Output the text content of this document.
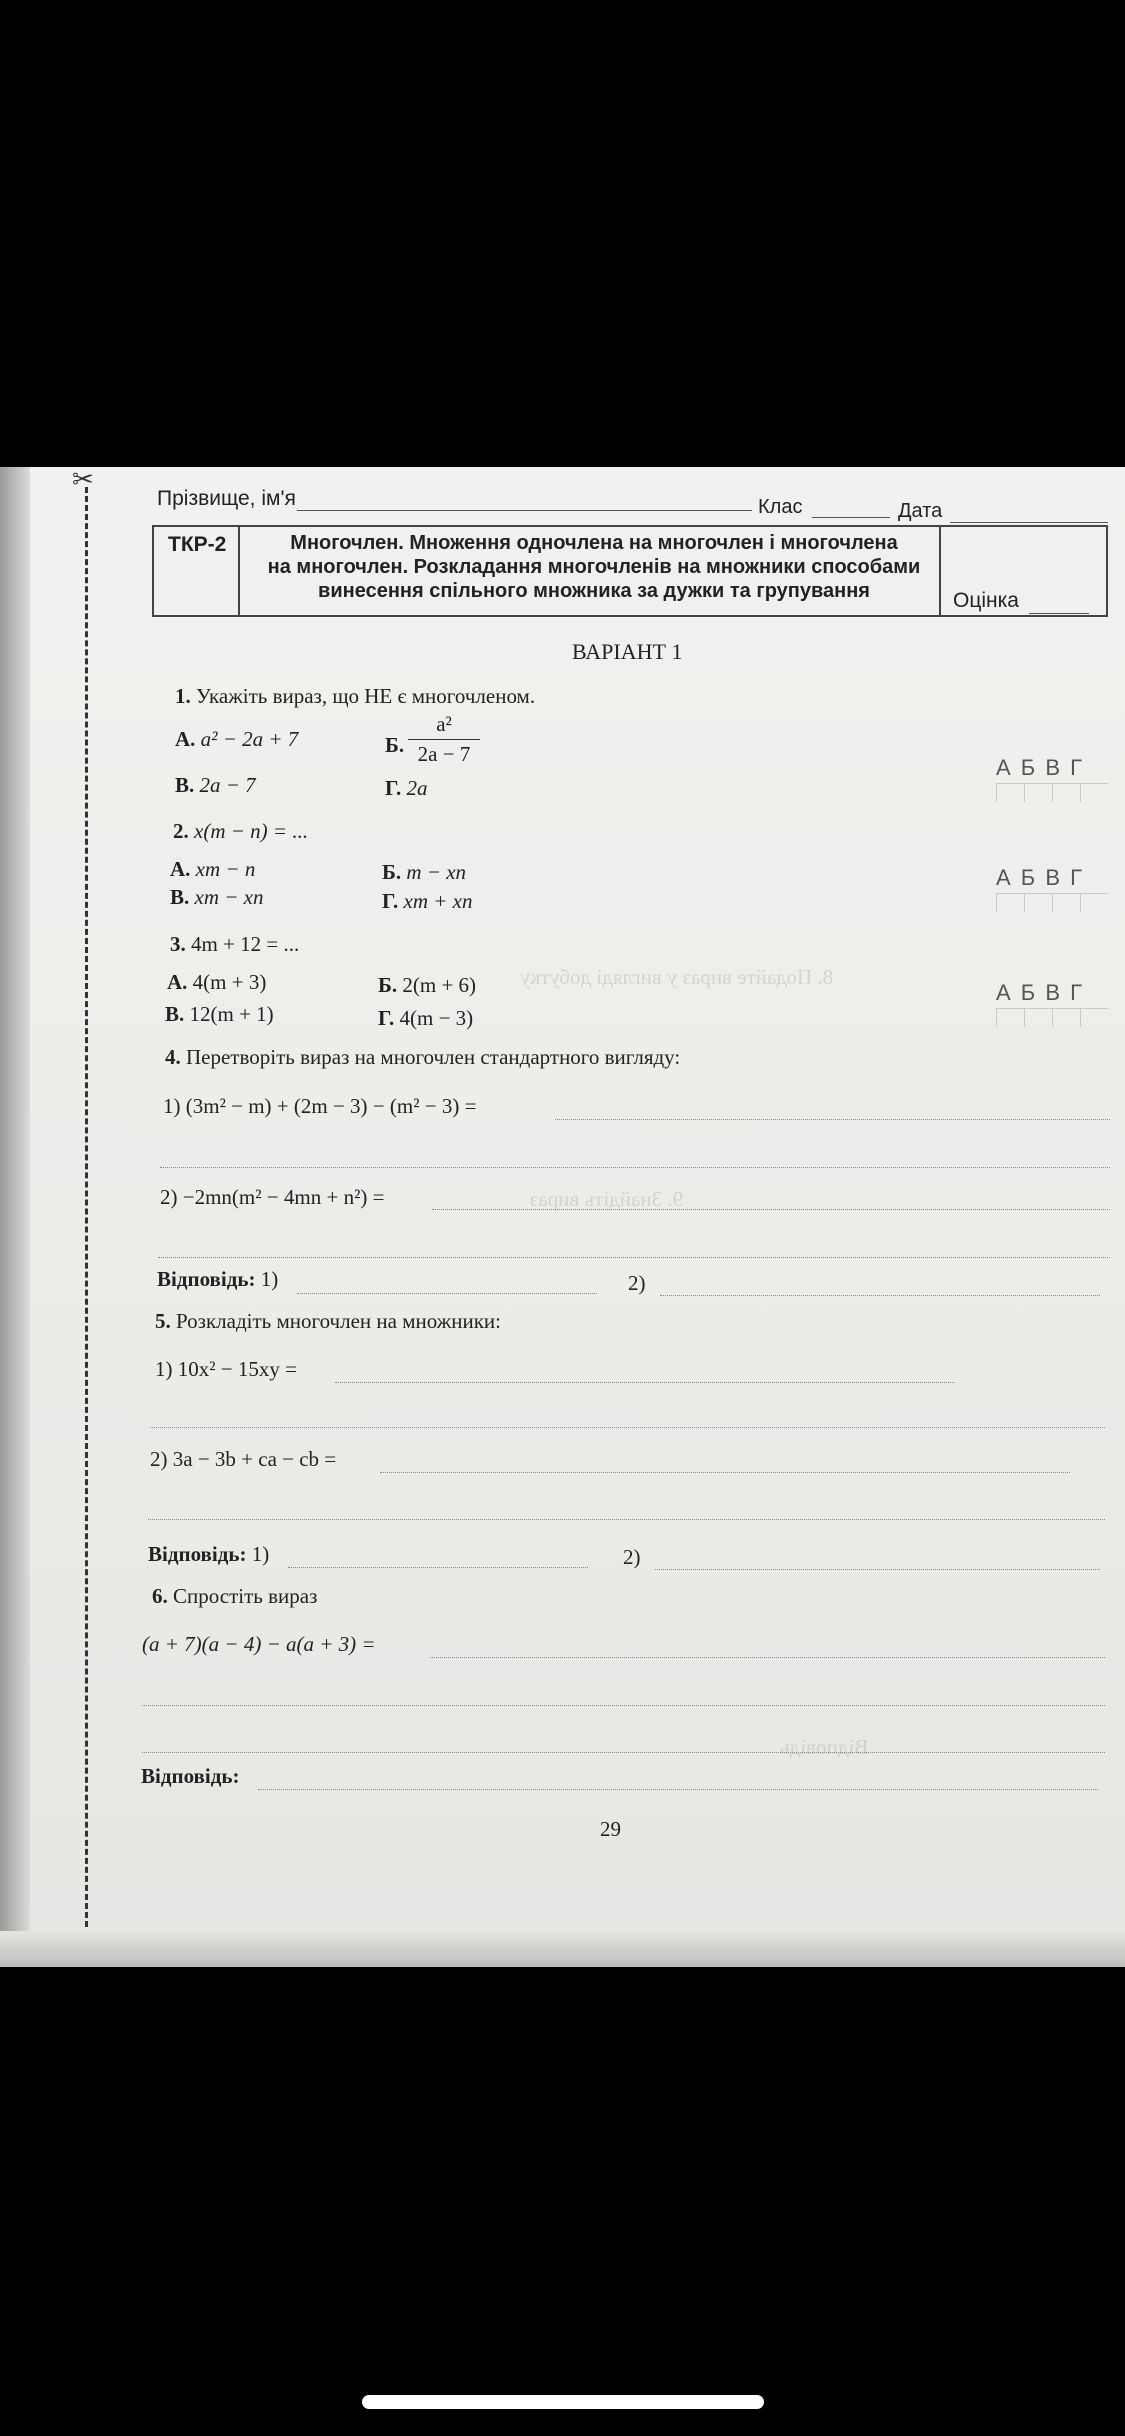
✂
8. Подайте вираз у вигляді добутку
9. Знайдіть вираз
Відповідь
Прізвище, ім'я	Клас	Дата
ТКР-2	Многочлен. Множення одночлена на многочлен і многочлена
на многочлен. Розкладання многочленів на множники способами
винесення спільного множника за дужки та групування	Оцінка
ВАРІАНТ 1
1. Укажіть вираз, що НЕ є многочленом.
А. a² − 2a + 7	Б.
a²
2a − 7
В. 2a − 7	Г. 2a
А Б В Г
2. x(m − n) = ...
А. xm − n	Б. m − xn
В. xm − xn	Г. xm + xn
А Б В Г
3. 4m + 12 = ...
А. 4(m + 3)	Б. 2(m + 6)
В. 12(m + 1)	Г. 4(m − 3)
А Б В Г
4. Перетворіть вираз на многочлен стандартного вигляду:
1) (3m² − m) + (2m − 3) − (m² − 3) =
2) −2mn(m² − 4mn + n²) =
Відповідь: 1)	2)
5. Розкладіть многочлен на множники:
1) 10x² − 15xy =
2) 3a − 3b + ca − cb =
Відповідь: 1)	2)
6. Спростіть вираз
(a + 7)(a − 4) − a(a + 3) =
Відповідь:
29
